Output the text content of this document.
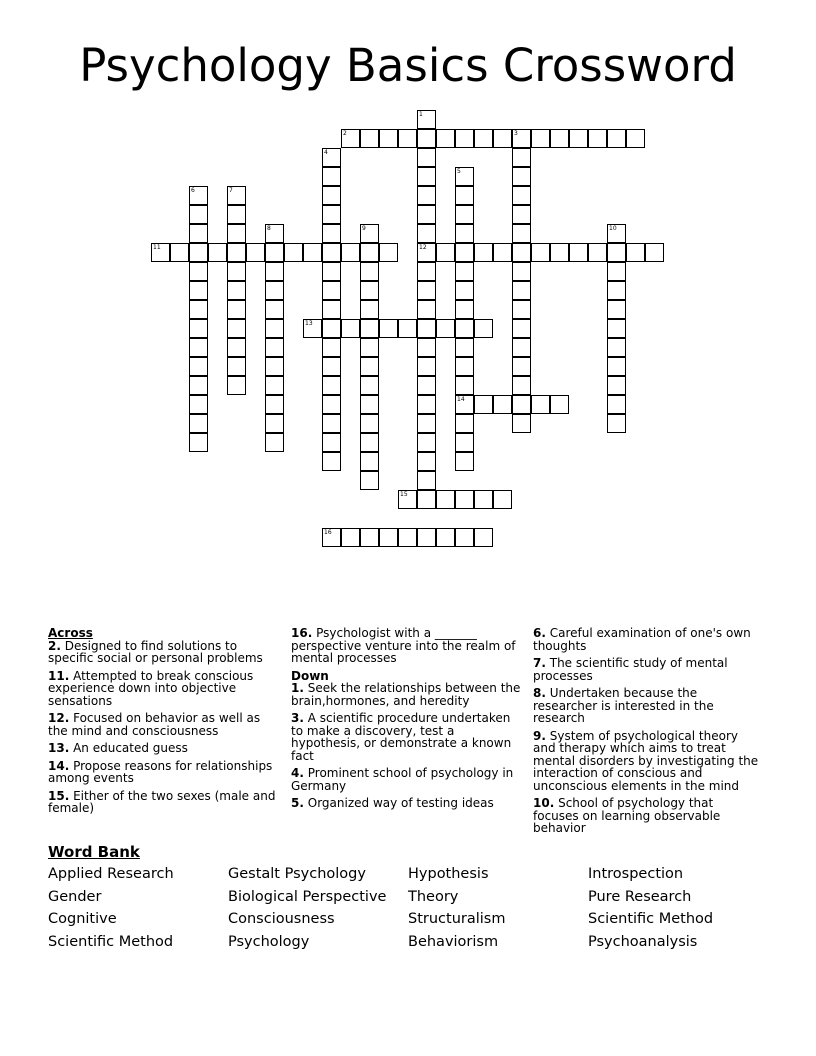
Psychology Basics Crossword
1
12
2	3
4
5
14
6	7
8	9	10
11
13
15
16
Across
2. Designed to find solutions to specific social or personal problems
11. Attempted to break conscious experience down into objective sensations
12. Focused on behavior as well as the mind and consciousness
13. An educated guess
14. Propose reasons for relationships among events
15. Either of the two sexes (male and female)
16. Psychologist with a _______ perspective venture into the realm of mental processes
Down
1. Seek the relationships between the brain,hormones, and heredity
3. A scientific procedure undertaken to make a discovery, test a hypothesis, or demonstrate a known fact
4. Prominent school of psychology in Germany
5. Organized way of testing ideas
6. Careful examination of one's own thoughts
7. The scientific study of mental processes
8. Undertaken because the researcher is interested in the research
9. System of psychological theory and therapy which aims to treat mental disorders by investigating the interaction of conscious and unconscious elements in the mind
10. School of psychology that focuses on learning observable behavior
Word Bank
Applied Research	Gestalt Psychology	Hypothesis	Introspection
Gender	Biological Perspective	Theory	Pure Research
Cognitive	Consciousness	Structuralism	Scientific Method
Scientific Method	Psychology	Behaviorism	Psychoanalysis
